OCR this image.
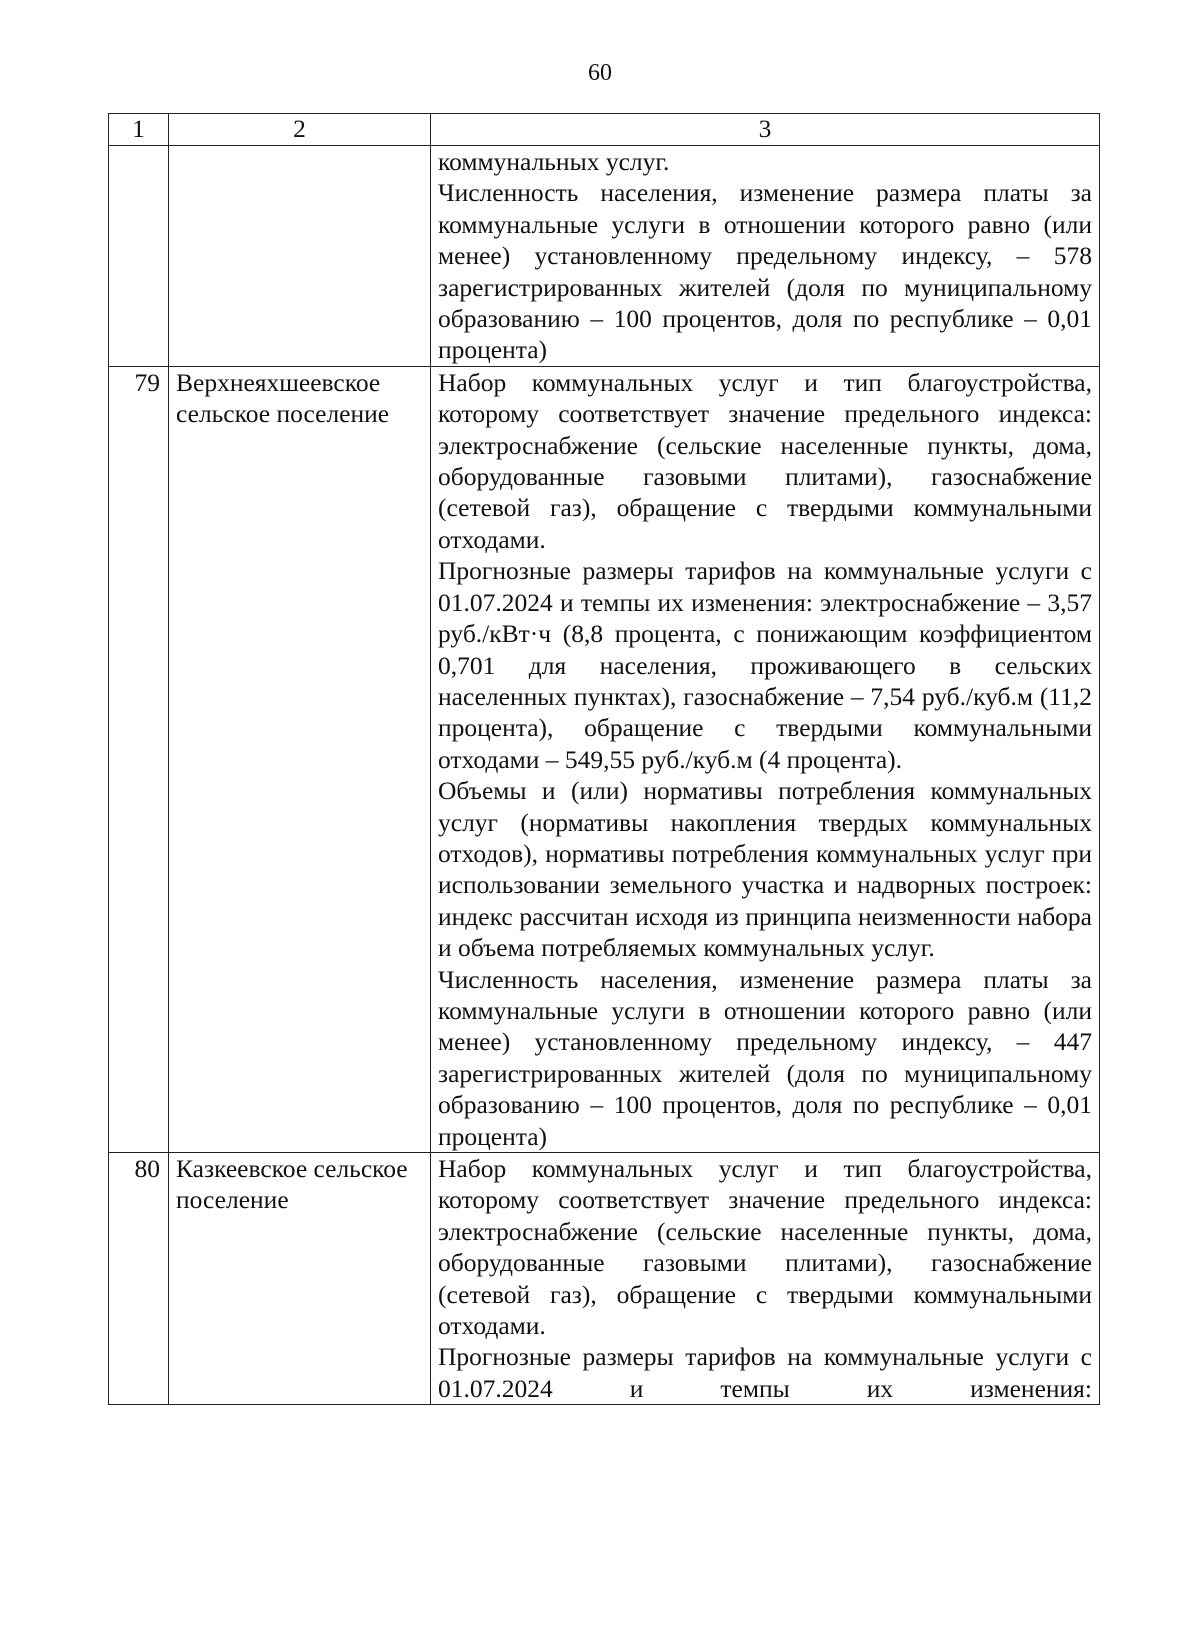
60
1	2	3

		коммунальных услуг.

Численность населения, изменение размера платы за коммунальные услуги в отношении которого равно (или менее) установленному предельному индексу, – 578 зарегистрированных жителей (доля по муниципальному образованию – 100 процентов, доля по республике – 0,01 процента)

79	Верхнеяхшеевское сельское поселение	Набор коммунальных услуг и тип благоустройства, которому соответствует значение предельного индекса: электроснабжение (сельские населенные пункты, дома, оборудованные газовыми плитами), газоснабжение (сетевой газ), обращение с твердыми коммунальными отходами.

Прогнозные размеры тарифов на коммунальные услуги с 01.07.2024 и темпы их изменения: электроснабжение – 3,57 руб./кВт·ч (8,8 процента, с понижающим коэффициентом 0,701 для населения, проживающего в сельских населенных пунктах), газоснабжение – 7,54 руб./куб.м (11,2 процента), обращение с твердыми коммунальными отходами – 549,55 руб./куб.м (4 процента).

Объемы и (или) нормативы потребления коммунальных услуг (нормативы накопления твердых коммунальных отходов), нормативы потребления коммунальных услуг при использовании земельного участка и надворных построек: индекс рассчитан исходя из принципа неизменности набора и объема потребляемых коммунальных услуг.

Численность населения, изменение размера платы за коммунальные услуги в отношении которого равно (или менее) установленному предельному индексу, – 447 зарегистрированных жителей (доля по муниципальному образованию – 100 процентов, доля по республике – 0,01 процента)

80	Казкеевское сельское поселение	Набор коммунальных услуг и тип благоустройства, которому соответствует значение предельного индекса: электроснабжение (сельские населенные пункты, дома, оборудованные газовыми плитами), газоснабжение (сетевой газ), обращение с твердыми коммунальными отходами.

Прогнозные размеры тарифов на коммунальные услуги с 01.07.2024 и темпы их изменения:
